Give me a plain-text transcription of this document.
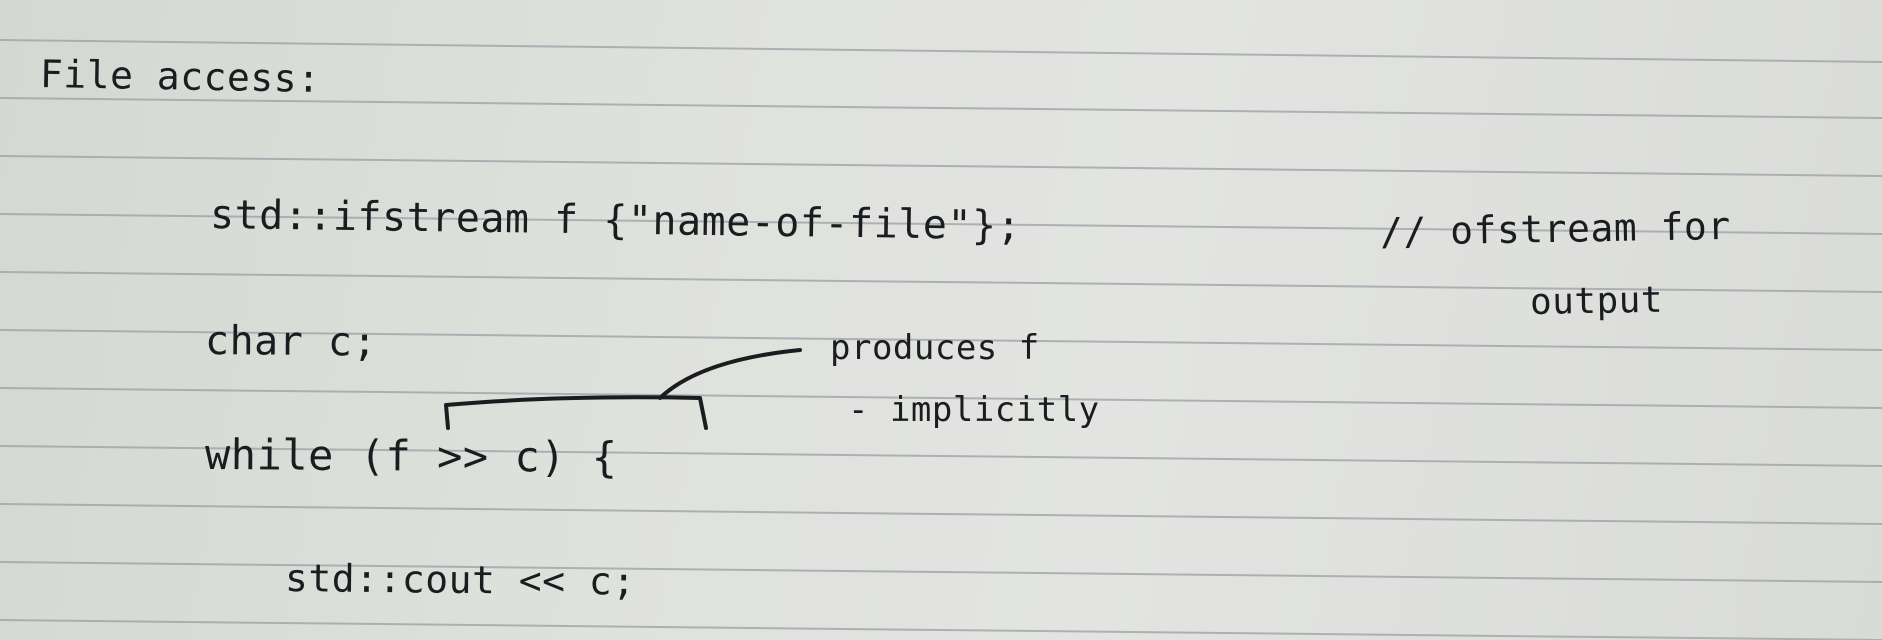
File access:
std::ifstream f {"name-of-file"};
char c;
while (f >> c) {
std::cout << c;
// ofstream for
output
produces f
- implicitly
